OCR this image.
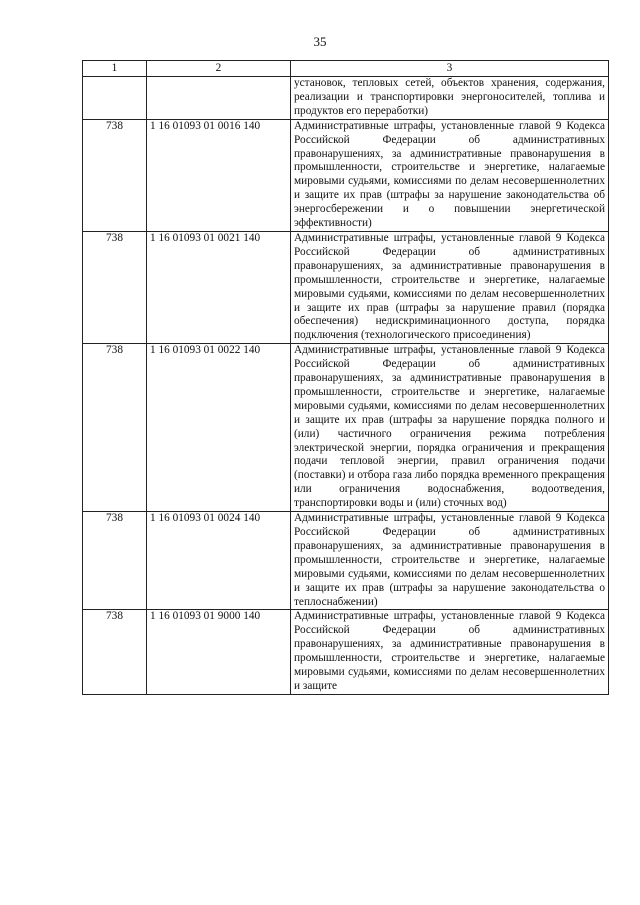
35
1	2	3
		установок, тепловых сетей, объектов хранения, содержания, реализации и транспортировки энергоносителей, топлива и продуктов его переработки)
738	1 16 01093 01 0016 140	Административные штрафы, установленные главой 9 Кодекса Российской Федерации об административных правонарушениях, за административные правонарушения в промышленности, строительстве и энергетике, налагаемые мировыми судьями, комиссиями по делам несовершеннолетних и защите их прав (штрафы за нарушение законодательства об энергосбережении и о повышении энергетической эффективности)
738	1 16 01093 01 0021 140	Административные штрафы, установленные главой 9 Кодекса Российской Федерации об административных правонарушениях, за административные правонарушения в промышленности, строительстве и энергетике, налагаемые мировыми судьями, комиссиями по делам несовершеннолетних и защите их прав (штрафы за нарушение правил (порядка обеспечения) недискриминационного доступа, порядка подключения (технологического присоединения)
738	1 16 01093 01 0022 140	Административные штрафы, установленные главой 9 Кодекса Российской Федерации об административных правонарушениях, за административные правонарушения в промышленности, строительстве и энергетике, налагаемые мировыми судьями, комиссиями по делам несовершеннолетних и защите их прав (штрафы за нарушение порядка полного и (или) частичного ограничения режима потребления электрической энергии, порядка ограничения и прекращения подачи тепловой энергии, правил ограничения подачи (поставки) и отбора газа либо порядка временного прекращения или ограничения водоснабжения, водоотведения, транспортировки воды и (или) сточных вод)
738	1 16 01093 01 0024 140	Административные штрафы, установленные главой 9 Кодекса Российской Федерации об административных правонарушениях, за административные правонарушения в промышленности, строительстве и энергетике, налагаемые мировыми судьями, комиссиями по делам несовершеннолетних и защите их прав (штрафы за нарушение законодательства о теплоснабжении)
738	1 16 01093 01 9000 140	Административные штрафы, установленные главой 9 Кодекса Российской Федерации об административных правонарушениях, за административные правонарушения в промышленности, строительстве и энергетике, налагаемые мировыми судьями, комиссиями по делам несовершеннолетних и защите
